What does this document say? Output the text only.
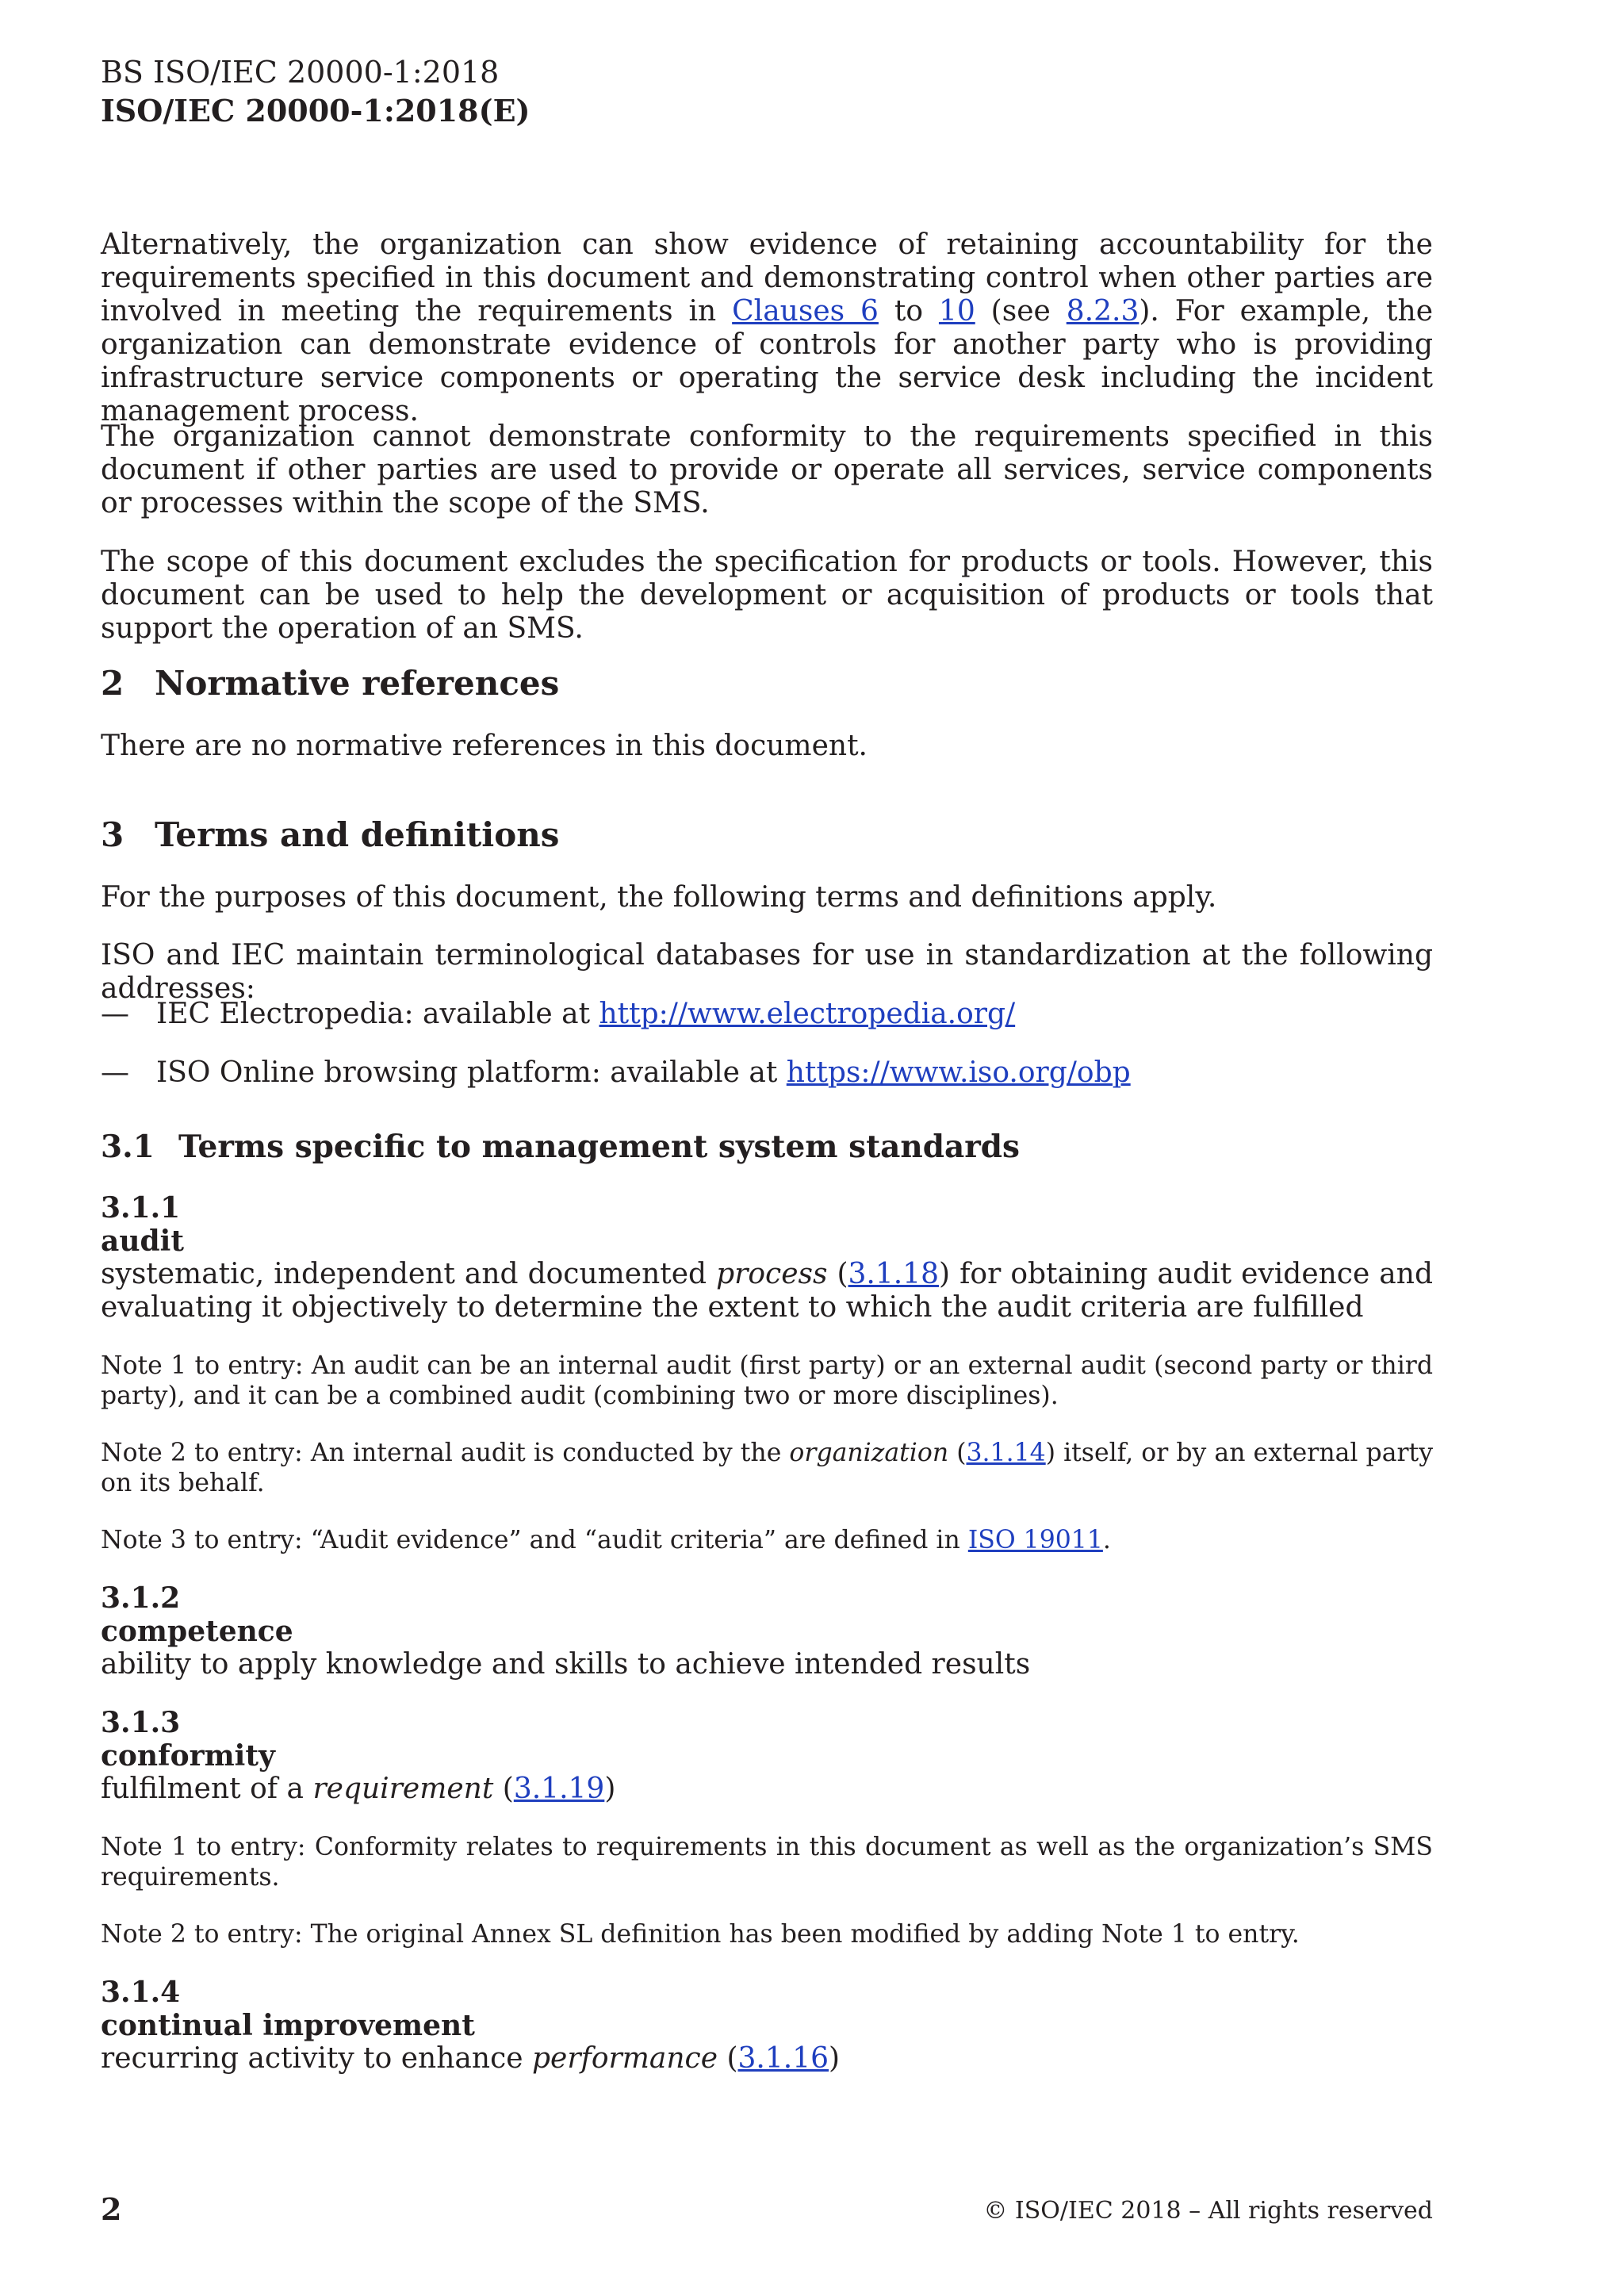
BS ISO/IEC 20000-1:2018
ISO/IEC 20000-1:2018(E)

Alternatively, the organization can show evidence of retaining accountability for the requirements specified in this document and demonstrating control when other parties are involved in meeting the requirements in Clauses 6 to 10 (see 8.2.3). For example, the organization can demonstrate evidence of controls for another party who is providing infrastructure service components or operating the service desk including the incident management process.

The organization cannot demonstrate conformity to the requirements specified in this document if other parties are used to provide or operate all services, service components or processes within the scope of the SMS.

The scope of this document excludes the specification for products or tools. However, this document can be used to help the development or acquisition of products or tools that support the operation of an SMS.

2 Normative references

There are no normative references in this document.

3 Terms and definitions

For the purposes of this document, the following terms and definitions apply.

ISO and IEC maintain terminological databases for use in standardization at the following addresses:

— IEC Electropedia: available at http://www.electropedia.org/
— ISO Online browsing platform: available at https://www.iso.org/obp
3.1 Terms specific to management system standards
3.1.1
audit

systematic, independent and documented process (3.1.18) for obtaining audit evidence and evaluating it objectively to determine the extent to which the audit criteria are fulfilled

Note 1 to entry: An audit can be an internal audit (first party) or an external audit (second party or third party), and it can be a combined audit (combining two or more disciplines).

Note 2 to entry: An internal audit is conducted by the organization (3.1.14) itself, or by an external party on its behalf.

Note 3 to entry: “Audit evidence” and “audit criteria” are defined in ISO 19011.

3.1.2
competence

ability to apply knowledge and skills to achieve intended results

3.1.3
conformity

fulfilment of a requirement (3.1.19)

Note 1 to entry: Conformity relates to requirements in this document as well as the organization’s SMS requirements.

Note 2 to entry: The original Annex SL definition has been modified by adding Note 1 to entry.

3.1.4
continual improvement

recurring activity to enhance performance (3.1.16)

2	© ISO/IEC 2018 – All rights reserved
